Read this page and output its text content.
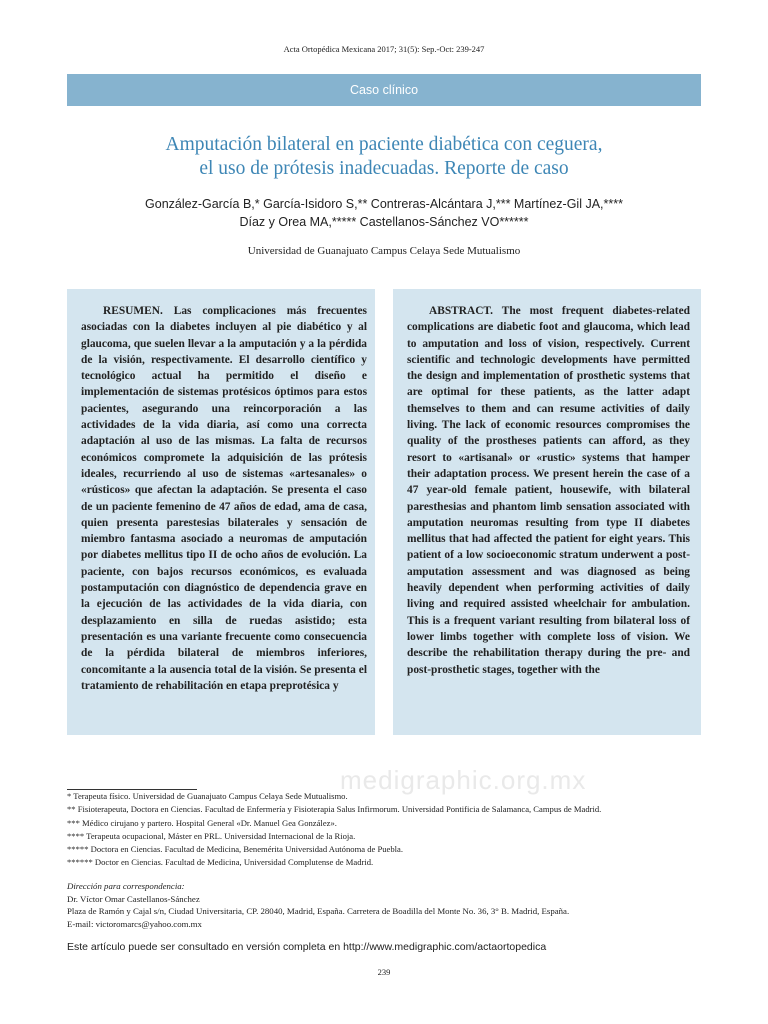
Acta Ortopédica Mexicana 2017; 31(5): Sep.-Oct: 239-247
Caso clínico
Amputación bilateral en paciente diabética con ceguera,
el uso de prótesis inadecuadas. Reporte de caso
González-García B,* García-Isidoro S,** Contreras-Alcántara J,*** Martínez-Gil JA,****
Díaz y Orea MA,***** Castellanos-Sánchez VO******
Universidad de Guanajuato Campus Celaya Sede Mutualismo

RESUMEN. Las complicaciones más frecuentes asociadas con la diabetes incluyen al pie diabético y al glaucoma, que suelen llevar a la amputación y a la pérdida de la visión, respectivamente. El desarrollo científico y tecnológico actual ha permitido el diseño e implementación de sistemas protésicos óptimos para estos pacientes, asegurando una reincorporación a las actividades de la vida diaria, así como una correcta adaptación al uso de las mismas. La falta de recursos económicos compromete la adquisición de las prótesis ideales, recurriendo al uso de sistemas «artesanales» o «rústicos» que afectan la adaptación. Se presenta el caso de un paciente femenino de 47 años de edad, ama de casa, quien presenta parestesias bilaterales y sensación de miembro fantasma asociado a neuromas de amputación por diabetes mellitus tipo II de ocho años de evolución. La paciente, con bajos recursos económicos, es evaluada postamputación con diagnóstico de dependencia grave en la ejecución de las actividades de la vida diaria, con desplazamiento en silla de ruedas asistido; esta presentación es una variante frecuente como consecuencia de la pérdida bilateral de miembros inferiores, concomitante a la ausencia total de la visión. Se presenta el tratamiento de rehabilitación en etapa preprotésica y

ABSTRACT. The most frequent diabetes-related complications are diabetic foot and glaucoma, which lead to amputation and loss of vision, respectively. Current scientific and technologic developments have permitted the design and implementation of prosthetic systems that are optimal for these patients, as the latter adapt themselves to them and can resume activities of daily living. The lack of economic resources compromises the quality of the prostheses patients can afford, as they resort to «artisanal» or «rustic» systems that hamper their adaptation process. We present herein the case of a 47 year-old female patient, housewife, with bilateral paresthesias and phantom limb sensation associated with amputation neuromas resulting from type II diabetes mellitus that had affected the patient for eight years. This patient of a low socioeconomic stratum underwent a post-amputation assessment and was diagnosed as being heavily dependent when performing activities of daily living and required assisted wheelchair for ambulation. This is a frequent variant resulting from bilateral loss of lower limbs together with complete loss of vision. We describe the rehabilitation therapy during the pre- and post-prosthetic stages, together with the

medigraphic.org.mx
* Terapeuta físico. Universidad de Guanajuato Campus Celaya Sede Mutualismo.
** Fisioterapeuta, Doctora en Ciencias. Facultad de Enfermería y Fisioterapia Salus Infirmorum. Universidad Pontificia de Salamanca, Campus de Madrid.
*** Médico cirujano y partero. Hospital General «Dr. Manuel Gea González».
**** Terapeuta ocupacional, Máster en PRL. Universidad Internacional de la Rioja.
***** Doctora en Ciencias. Facultad de Medicina, Benemérita Universidad Autónoma de Puebla.
****** Doctor en Ciencias. Facultad de Medicina, Universidad Complutense de Madrid.
Dirección para correspondencia:
Dr. Víctor Omar Castellanos-Sánchez
Plaza de Ramón y Cajal s/n, Ciudad Universitaria, CP. 28040, Madrid, España. Carretera de Boadilla del Monte No. 36, 3° B. Madrid, España.
E-mail: victoromarcs@yahoo.com.mx
Este artículo puede ser consultado en versión completa en http://www.medigraphic.com/actaortopedica
239
